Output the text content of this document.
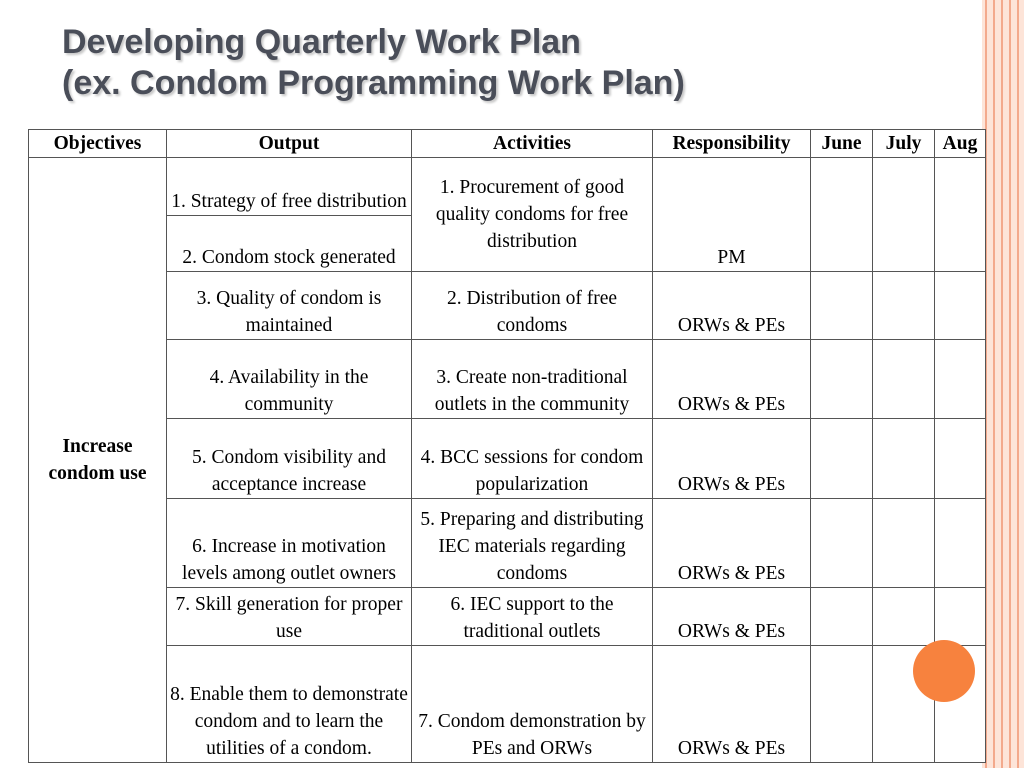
Developing Quarterly Work Plan
(ex. Condom Programming Work Plan)
Objectives	Output	Activities	Responsibility	June	July	Aug
Increase condom use	1. Strategy of free distribution	1. Procurement of good quality condoms for free distribution	PM			
	2. Condom stock generated					
	3. Quality of condom is maintained	2. Distribution of free condoms	ORWs & PEs			
	4. Availability in the community	3. Create non-traditional outlets in the community	ORWs & PEs			
	5. Condom visibility and acceptance increase	4. BCC sessions for condom popularization	ORWs & PEs			
	6. Increase in motivation levels among outlet owners	5. Preparing and distributing IEC materials regarding condoms	ORWs & PEs			
	7. Skill generation for proper use	6. IEC support to the traditional outlets	ORWs & PEs			
	8. Enable them to demonstrate condom and to learn the utilities of a condom.	7. Condom demonstration by PEs and ORWs	ORWs & PEs			
